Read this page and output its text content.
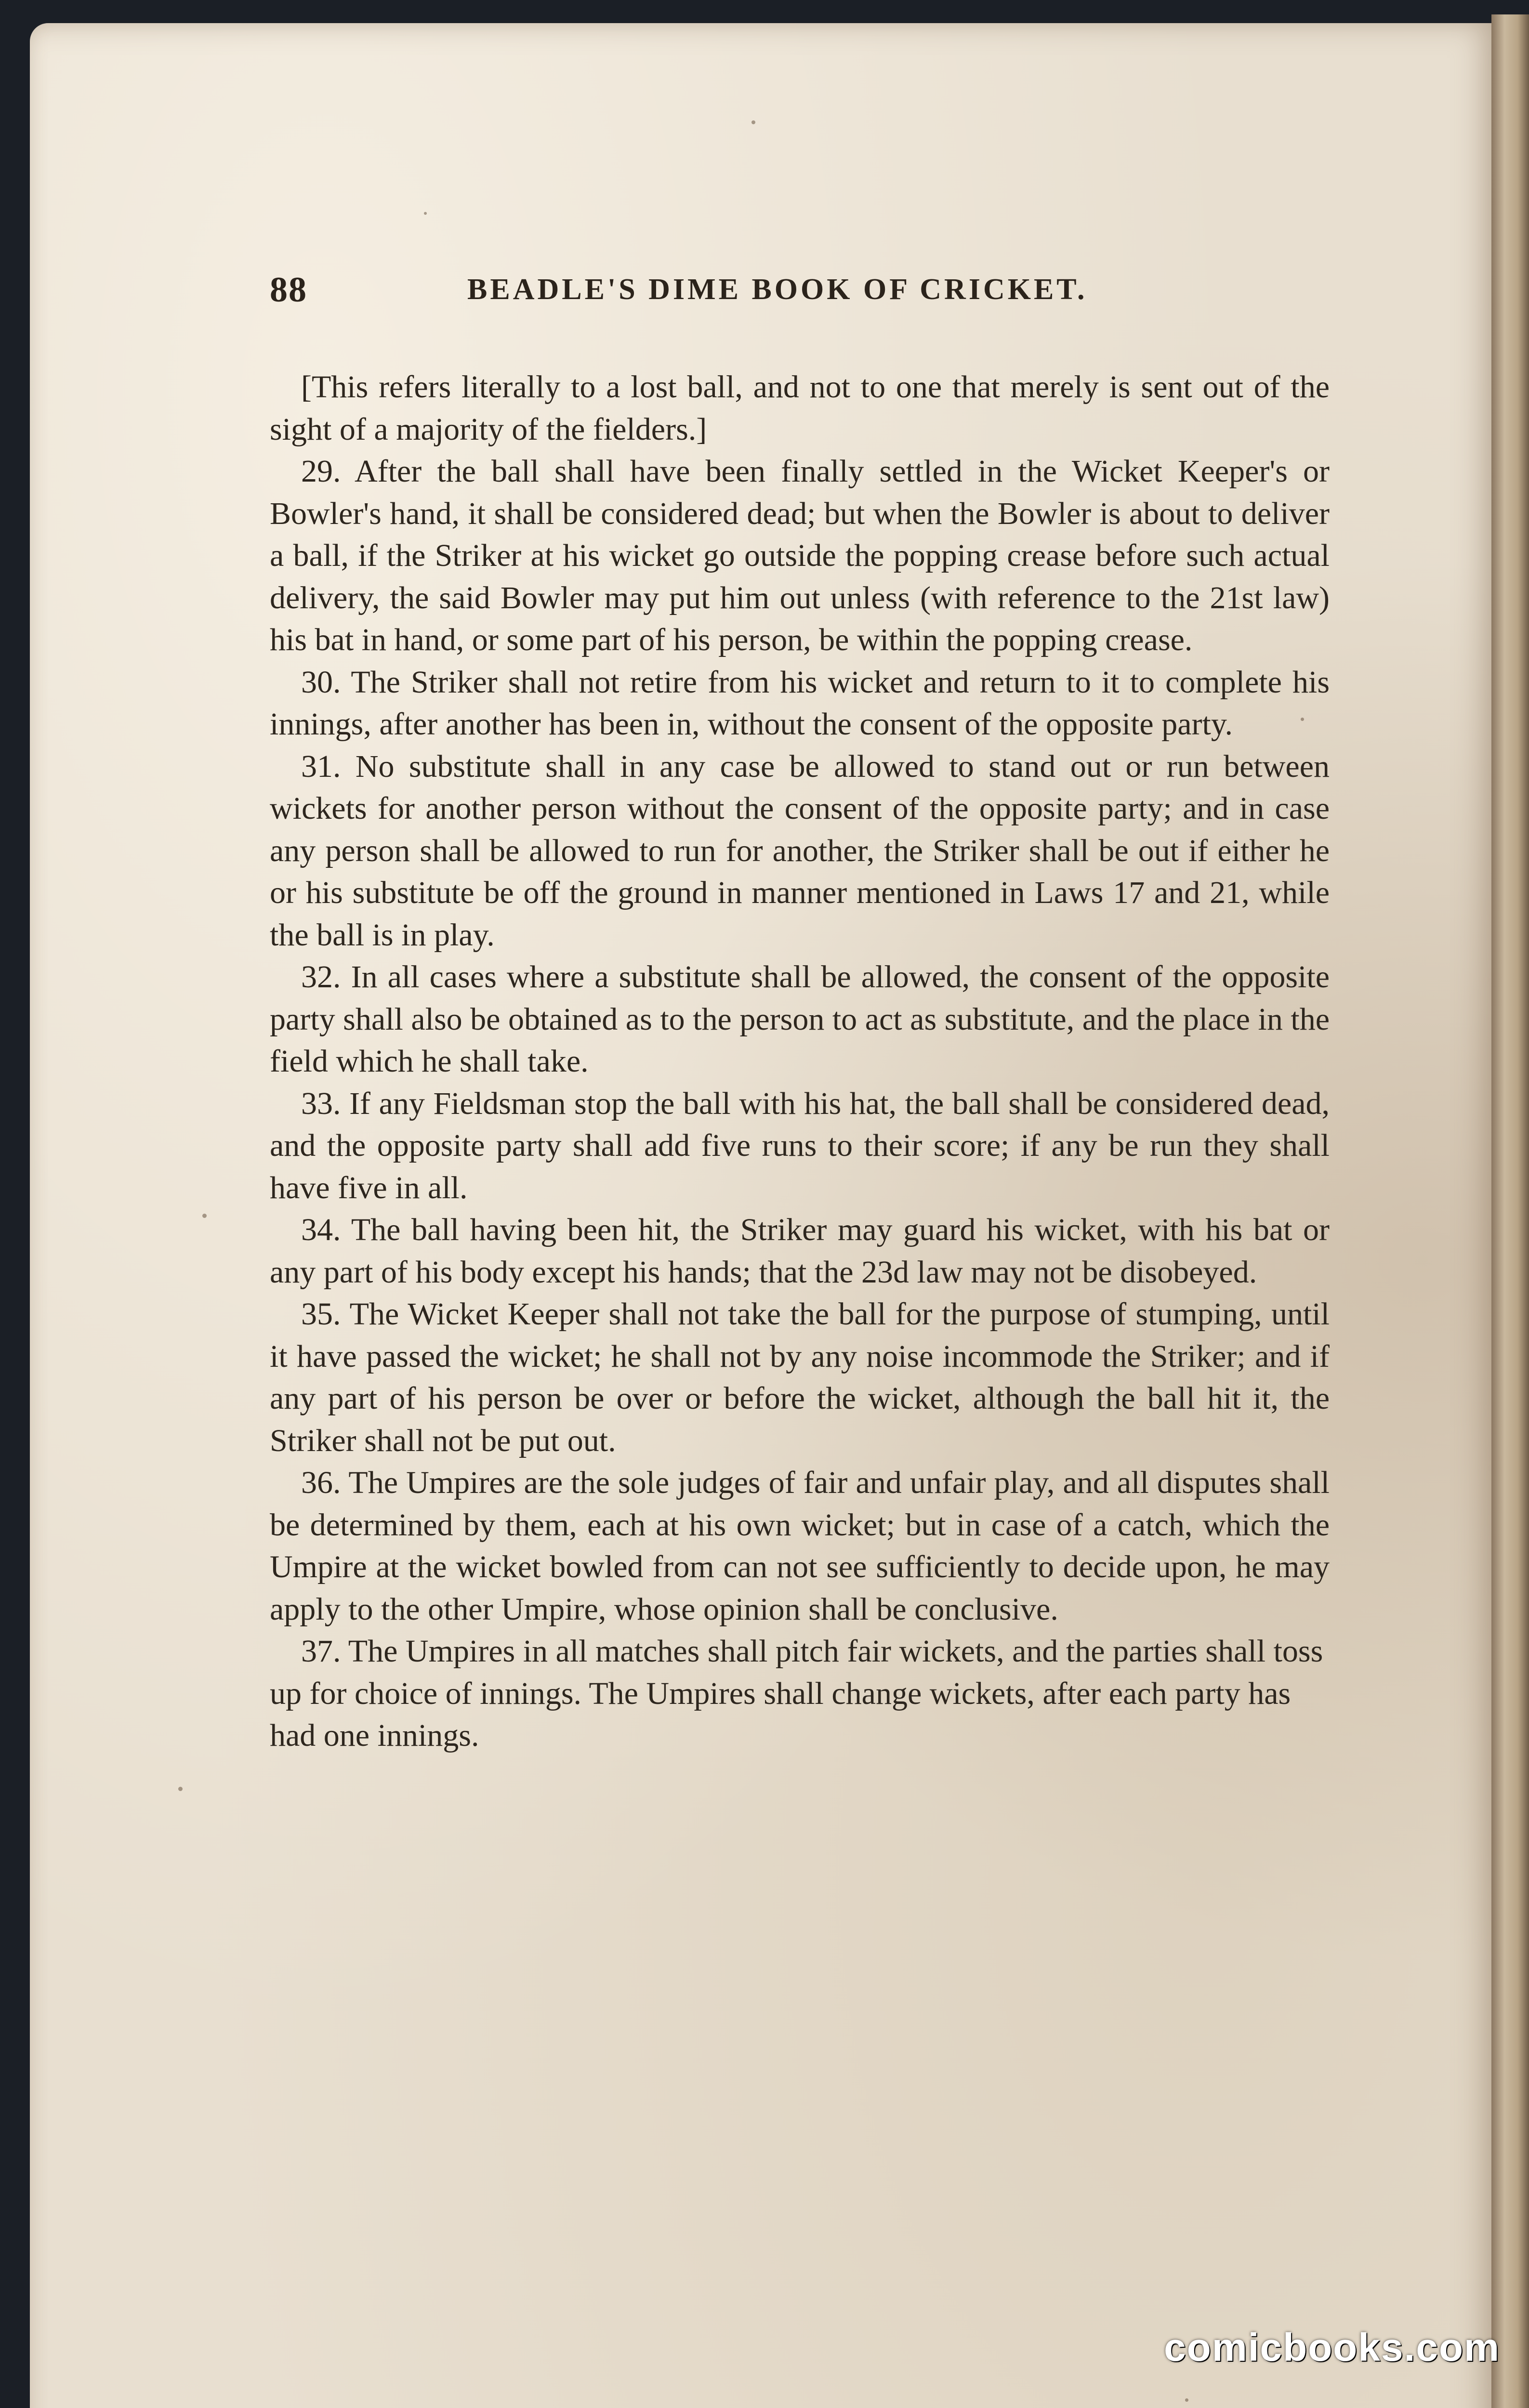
88	BEADLE'S DIME BOOK OF CRICKET.

[This refers literally to a lost ball, and not to one that merely is sent out of the sight of a majority of the fielders.]

29. After the ball shall have been finally settled in the Wicket Keeper's or Bowler's hand, it shall be considered dead; but when the Bowler is about to deliver a ball, if the Striker at his wicket go outside the popping crease before such actual delivery, the said Bowler may put him out unless (with reference to the 21st law) his bat in hand, or some part of his person, be within the popping crease.

30. The Striker shall not retire from his wicket and return to it to complete his innings, after another has been in, without the consent of the opposite party.

31. No substitute shall in any case be allowed to stand out or run between wickets for another person without the consent of the opposite party; and in case any person shall be allowed to run for another, the Striker shall be out if either he or his substitute be off the ground in manner mentioned in Laws 17 and 21, while the ball is in play.

32. In all cases where a substitute shall be allowed, the consent of the opposite party shall also be obtained as to the person to act as substitute, and the place in the field which he shall take.

33. If any Fieldsman stop the ball with his hat, the ball shall be considered dead, and the opposite party shall add five runs to their score; if any be run they shall have five in all.

34. The ball having been hit, the Striker may guard his wicket, with his bat or any part of his body except his hands; that the 23d law may not be disobeyed.

35. The Wicket Keeper shall not take the ball for the purpose of stumping, until it have passed the wicket; he shall not by any noise incommode the Striker; and if any part of his person be over or before the wicket, although the ball hit it, the Striker shall not be put out.

36. The Umpires are the sole judges of fair and unfair play, and all disputes shall be determined by them, each at his own wicket; but in case of a catch, which the Umpire at the wicket bowled from can not see sufficiently to decide upon, he may apply to the other Umpire, whose opinion shall be conclusive.

37. The Umpires in all matches shall pitch fair wickets, and the parties shall toss up for choice of innings. The Umpires shall change wickets, after each party has had one innings.

comicbooks.com
